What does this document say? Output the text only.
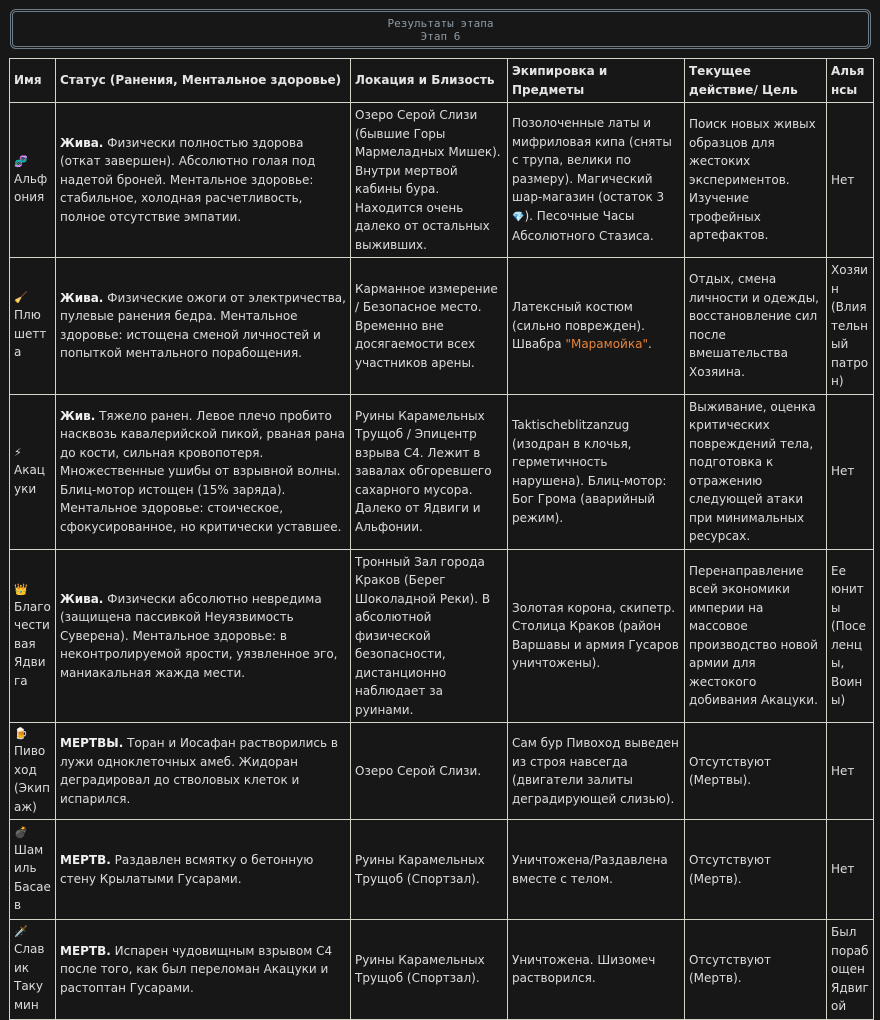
Результаты этапа
Этап 6
Имя	Статус (Ранения, Ментальное здоровье)	Локация и Близость	Экипировка и Предметы	Текущее действие/ Цель	Альянсы

🧬
Альфония	Жива. Физически полностью здорова (откат завершен). Абсолютно голая под надетой броней. Ментальное здоровье: стабильное, холодная расчетливость, полное отсутствие эмпатии.	Озеро Серой Слизи (бывшие Горы Мармеладных Мишек). Внутри мертвой кабины бура. Находится очень далеко от остальных выживших.	Позолоченные латы и мифриловая кипа (сняты с трупа, велики по размеру). Магический шар-магазин (остаток 3 💎). Песочные Часы Абсолютного Стазиса.	Поиск новых живых образцов для жестоких экспериментов. Изучение трофейных артефактов.	Нет

🧹
Плюшетта	Жива. Физические ожоги от электричества, пулевые ранения бедра. Ментальное здоровье: истощена сменой личностей и попыткой ментального порабощения.	Карманное измерение / Безопасное место. Временно вне досягаемости всех участников арены.	Латексный костюм (сильно поврежден). Швабра "Марамойка".	Отдых, смена личности и одежды, восстановление сил после вмешательства Хозяина.	Хозяин (Влиятельный патрон)

⚡
Акацуки	Жив. Тяжело ранен. Левое плечо пробито насквозь кавалерийской пикой, рваная рана до кости, сильная кровопотеря. Множественные ушибы от взрывной волны. Блиц-мотор истощен (15% заряда). Ментальное здоровье: стоическое, сфокусированное, но критически уставшее.	Руины Карамельных Трущоб / Эпицентр взрыва C4. Лежит в завалах обгоревшего сахарного мусора. Далеко от Ядвиги и Альфонии.	Taktischeblitzanzug (изодран в клочья, герметичность нарушена). Блиц-мотор: Бог Грома (аварийный режим).	Выживание, оценка критических повреждений тела, подготовка к отражению следующей атаки при минимальных ресурсах.	Нет

👑
Благочестивая Ядвига	Жива. Физически абсолютно невредима (защищена пассивкой Неуязвимость Суверена). Ментальное здоровье: в неконтролируемой ярости, уязвленное эго, маниакальная жажда мести.	Тронный Зал города Краков (Берег Шоколадной Реки). В абсолютной физической безопасности, дистанционно наблюдает за руинами.	Золотая корона, скипетр. Столица Краков (район Варшавы и армия Гусаров уничтожены).	Перенаправление всей экономики империи на массовое производство новой армии для жестокого добивания Акацуки.	Ее юниты (Поселенцы, Воины)

🍺
Пивоход (Экипаж)	МЕРТВЫ. Торан и Иосафан растворились в лужи одноклеточных амеб. Жидоран деградировал до стволовых клеток и испарился.	Озеро Серой Слизи.	Сам бур Пивоход выведен из строя навсегда (двигатели залиты деградирующей слизью).	Отсутствуют (Мертвы).	Нет

💣
Шамиль Басаев	МЕРТВ. Раздавлен всмятку о бетонную стену Крылатыми Гусарами.	Руины Карамельных Трущоб (Спортзал).	Уничтожена/Раздавлена вместе с телом.	Отсутствуют (Мертв).	Нет

🗡️
Славик Такумин	МЕРТВ. Испарен чудовищным взрывом C4 после того, как был переломан Акацуки и растоптан Гусарами.	Руины Карамельных Трущоб (Спортзал).	Уничтожена. Шизомеч растворился.	Отсутствуют (Мертв).	Был порабощен Ядвигой
